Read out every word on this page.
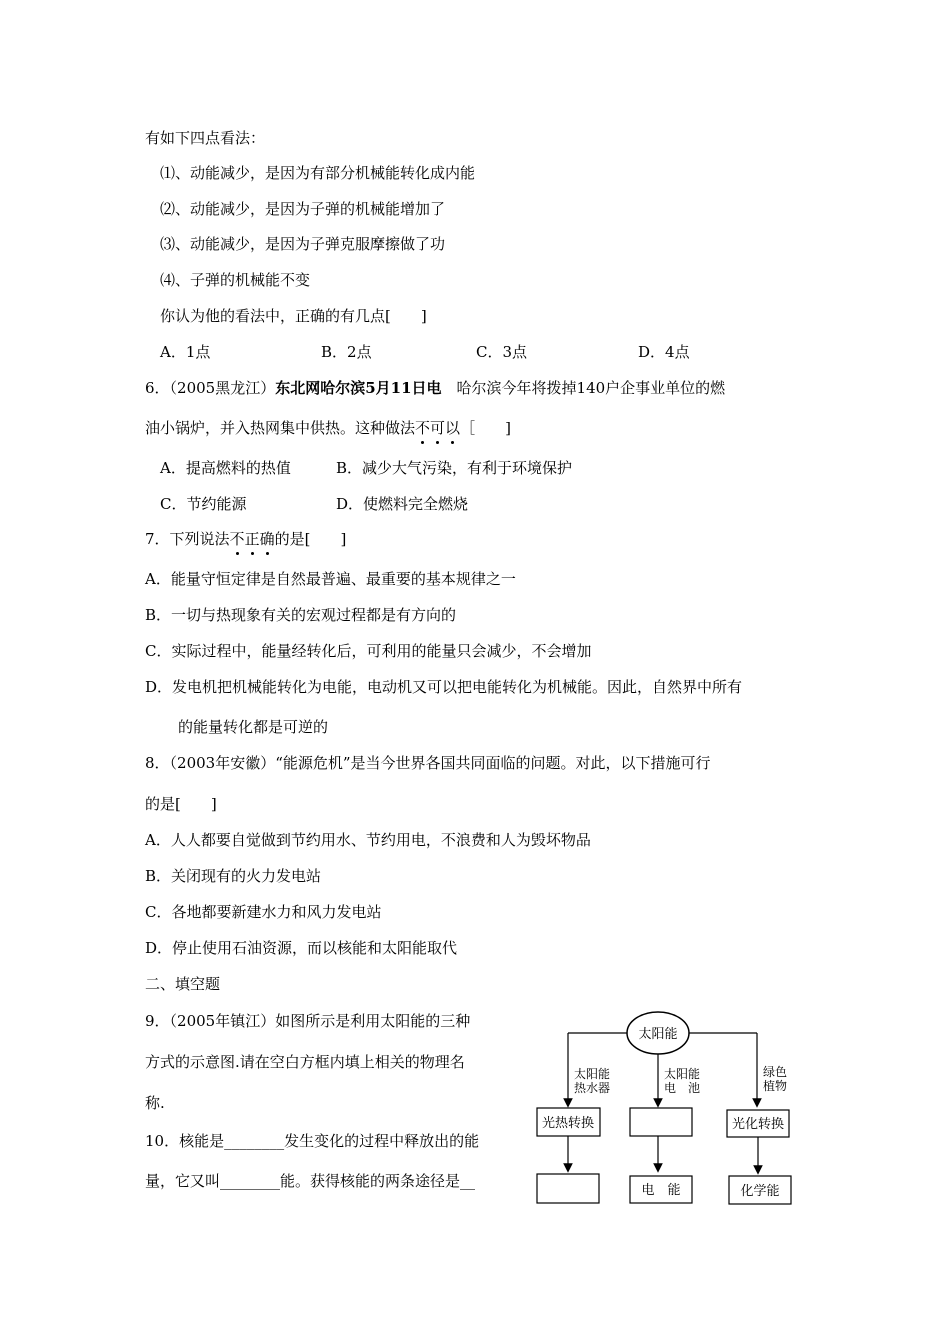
有如下四点看法：
⑴、动能减少，是因为有部分机械能转化成内能
⑵、动能减少，是因为子弹的机械能增加了
⑶、动能减少，是因为子弹克服摩擦做了功
⑷、子弹的机械能不变
你认为他的看法中，正确的有几点[　　]
A．1点	B．2点	C．3点	D．4点
6．（2005黑龙江）东北网哈尔滨5月11日电　哈尔滨今年将拨掉140户企事业单位的燃
油小锅炉，并入热网集中供热。这种做法不可以［　　]
A．提高燃料的热值	B．减少大气污染，有利于环境保护
C．节约能源	D．使燃料完全燃烧
7．下列说法不正确的是[　　]
A．能量守恒定律是自然最普遍、最重要的基本规律之一
B．一切与热现象有关的宏观过程都是有方向的
C．实际过程中，能量经转化后，可利用的能量只会减少，不会增加
D．发电机把机械能转化为电能，电动机又可以把电能转化为机械能。因此，自然界中所有
的能量转化都是可逆的
8．（2003年安徽）“能源危机”是当今世界各国共同面临的问题。对此，以下措施可行
的是[　　]
A．人人都要自觉做到节约用水、节约用电，不浪费和人为毁坏物品
B．关闭现有的火力发电站
C．各地都要新建水力和风力发电站
D．停止使用石油资源，而以核能和太阳能取代
二、填空题
9．（2005年镇江）如图所示是利用太阳能的三种
方式的示意图.请在空白方框内填上相关的物理名
称.
10．核能是________发生变化的过程中释放出的能
量，它又叫________能。获得核能的两条途径是__
太阳能
太阳能
热水器
太阳能
电　池
绿色
植物
光热转换	光化转换
电　能	化学能
